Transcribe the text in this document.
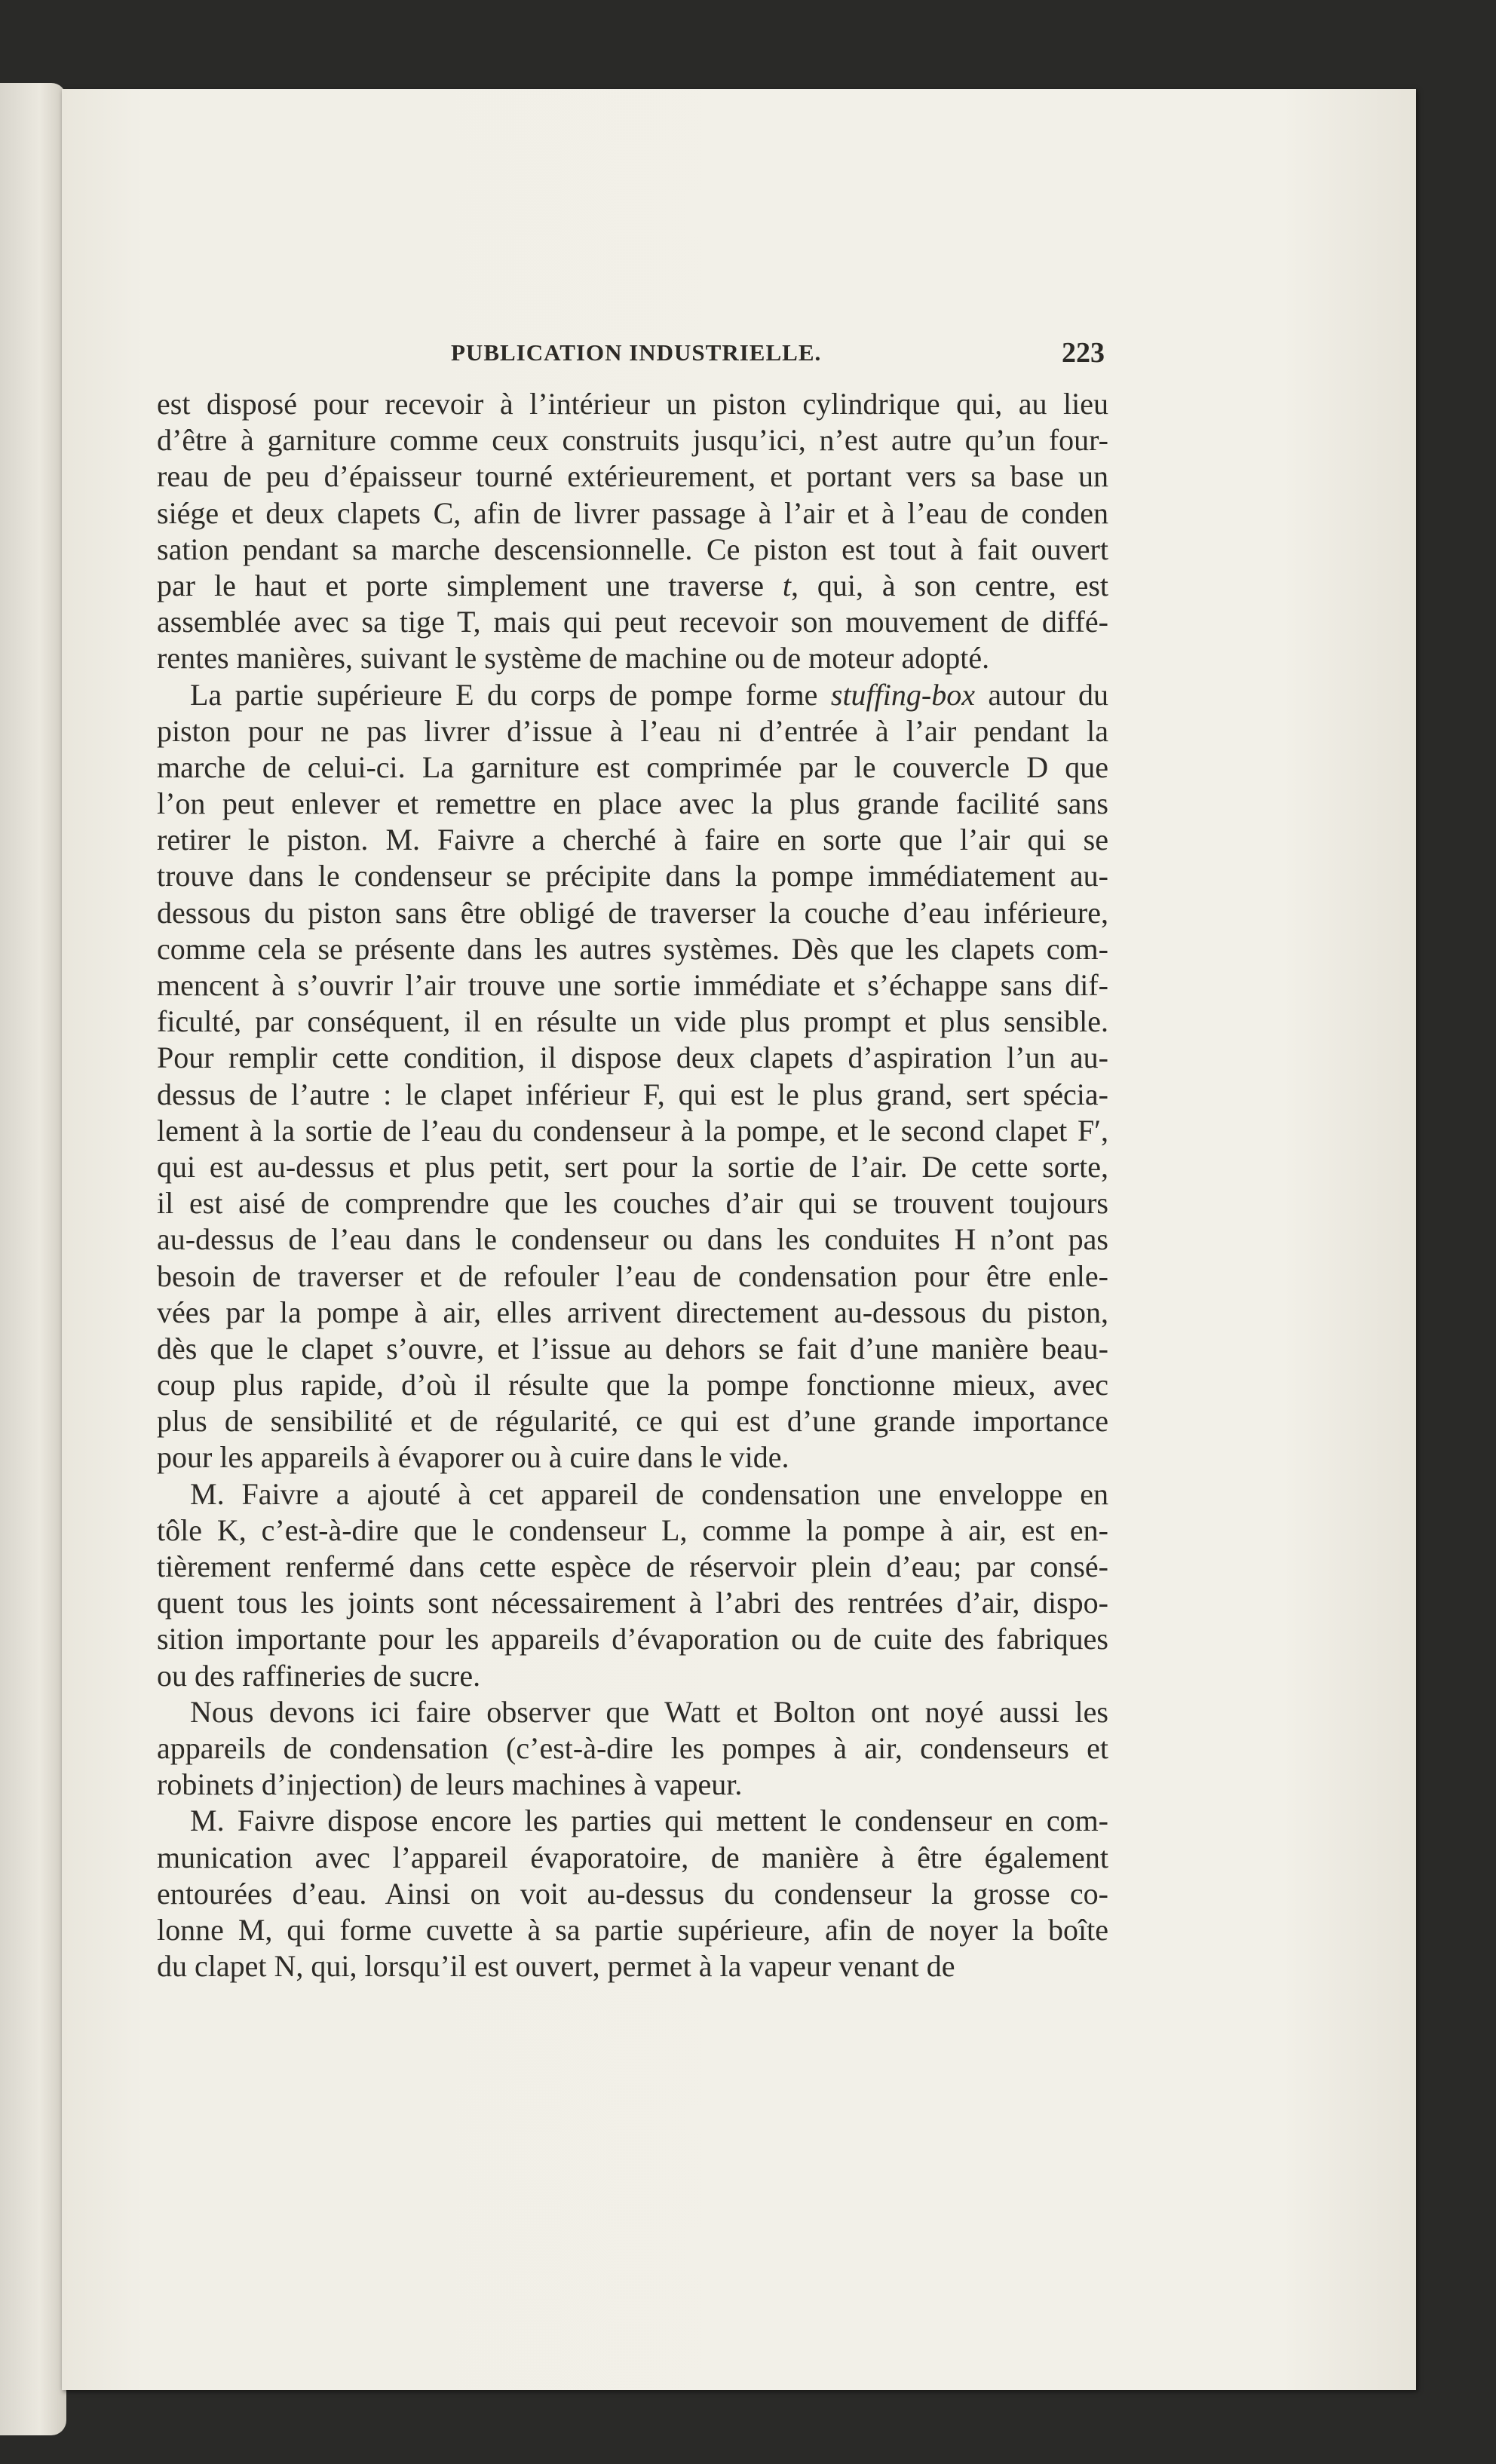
PUBLICATION INDUSTRIELLE.	223
est disposé pour recevoir à l’intérieur un piston cylindrique qui, au lieu
d’être à garniture comme ceux construits jusqu’ici, n’est autre qu’un four-
reau de peu d’épaisseur tourné extérieurement, et portant vers sa base un
siége et deux clapets C, afin de livrer passage à l’air et à l’eau de conden
sation pendant sa marche descensionnelle. Ce piston est tout à fait ouvert
par le haut et porte simplement une traverse t, qui, à son centre, est
assemblée avec sa tige T, mais qui peut recevoir son mouvement de diffé-
rentes manières, suivant le système de machine ou de moteur adopté.
La partie supérieure E du corps de pompe forme stuffing-box autour du
piston pour ne pas livrer d’issue à l’eau ni d’entrée à l’air pendant la
marche de celui-ci. La garniture est comprimée par le couvercle D que
l’on peut enlever et remettre en place avec la plus grande facilité sans
retirer le piston. M. Faivre a cherché à faire en sorte que l’air qui se
trouve dans le condenseur se précipite dans la pompe immédiatement au-
dessous du piston sans être obligé de traverser la couche d’eau inférieure,
comme cela se présente dans les autres systèmes. Dès que les clapets com-
mencent à s’ouvrir l’air trouve une sortie immédiate et s’échappe sans dif-
ficulté, par conséquent, il en résulte un vide plus prompt et plus sensible.
Pour remplir cette condition, il dispose deux clapets d’aspiration l’un au-
dessus de l’autre : le clapet inférieur F, qui est le plus grand, sert spécia-
lement à la sortie de l’eau du condenseur à la pompe, et le second clapet F′,
qui est au-dessus et plus petit, sert pour la sortie de l’air. De cette sorte,
il est aisé de comprendre que les couches d’air qui se trouvent toujours
au-dessus de l’eau dans le condenseur ou dans les conduites H n’ont pas
besoin de traverser et de refouler l’eau de condensation pour être enle-
vées par la pompe à air, elles arrivent directement au-dessous du piston,
dès que le clapet s’ouvre, et l’issue au dehors se fait d’une manière beau-
coup plus rapide, d’où il résulte que la pompe fonctionne mieux, avec
plus de sensibilité et de régularité, ce qui est d’une grande importance
pour les appareils à évaporer ou à cuire dans le vide.
M. Faivre a ajouté à cet appareil de condensation une enveloppe en
tôle K, c’est-à-dire que le condenseur L, comme la pompe à air, est en-
tièrement renfermé dans cette espèce de réservoir plein d’eau; par consé-
quent tous les joints sont nécessairement à l’abri des rentrées d’air, dispo-
sition importante pour les appareils d’évaporation ou de cuite des fabriques
ou des raffineries de sucre.
Nous devons ici faire observer que Watt et Bolton ont noyé aussi les
appareils de condensation (c’est-à-dire les pompes à air, condenseurs et
robinets d’injection) de leurs machines à vapeur.
M. Faivre dispose encore les parties qui mettent le condenseur en com-
munication avec l’appareil évaporatoire, de manière à être également
entourées d’eau. Ainsi on voit au-dessus du condenseur la grosse co-
lonne M, qui forme cuvette à sa partie supérieure, afin de noyer la boîte
du clapet N, qui, lorsqu’il est ouvert, permet à la vapeur venant de
